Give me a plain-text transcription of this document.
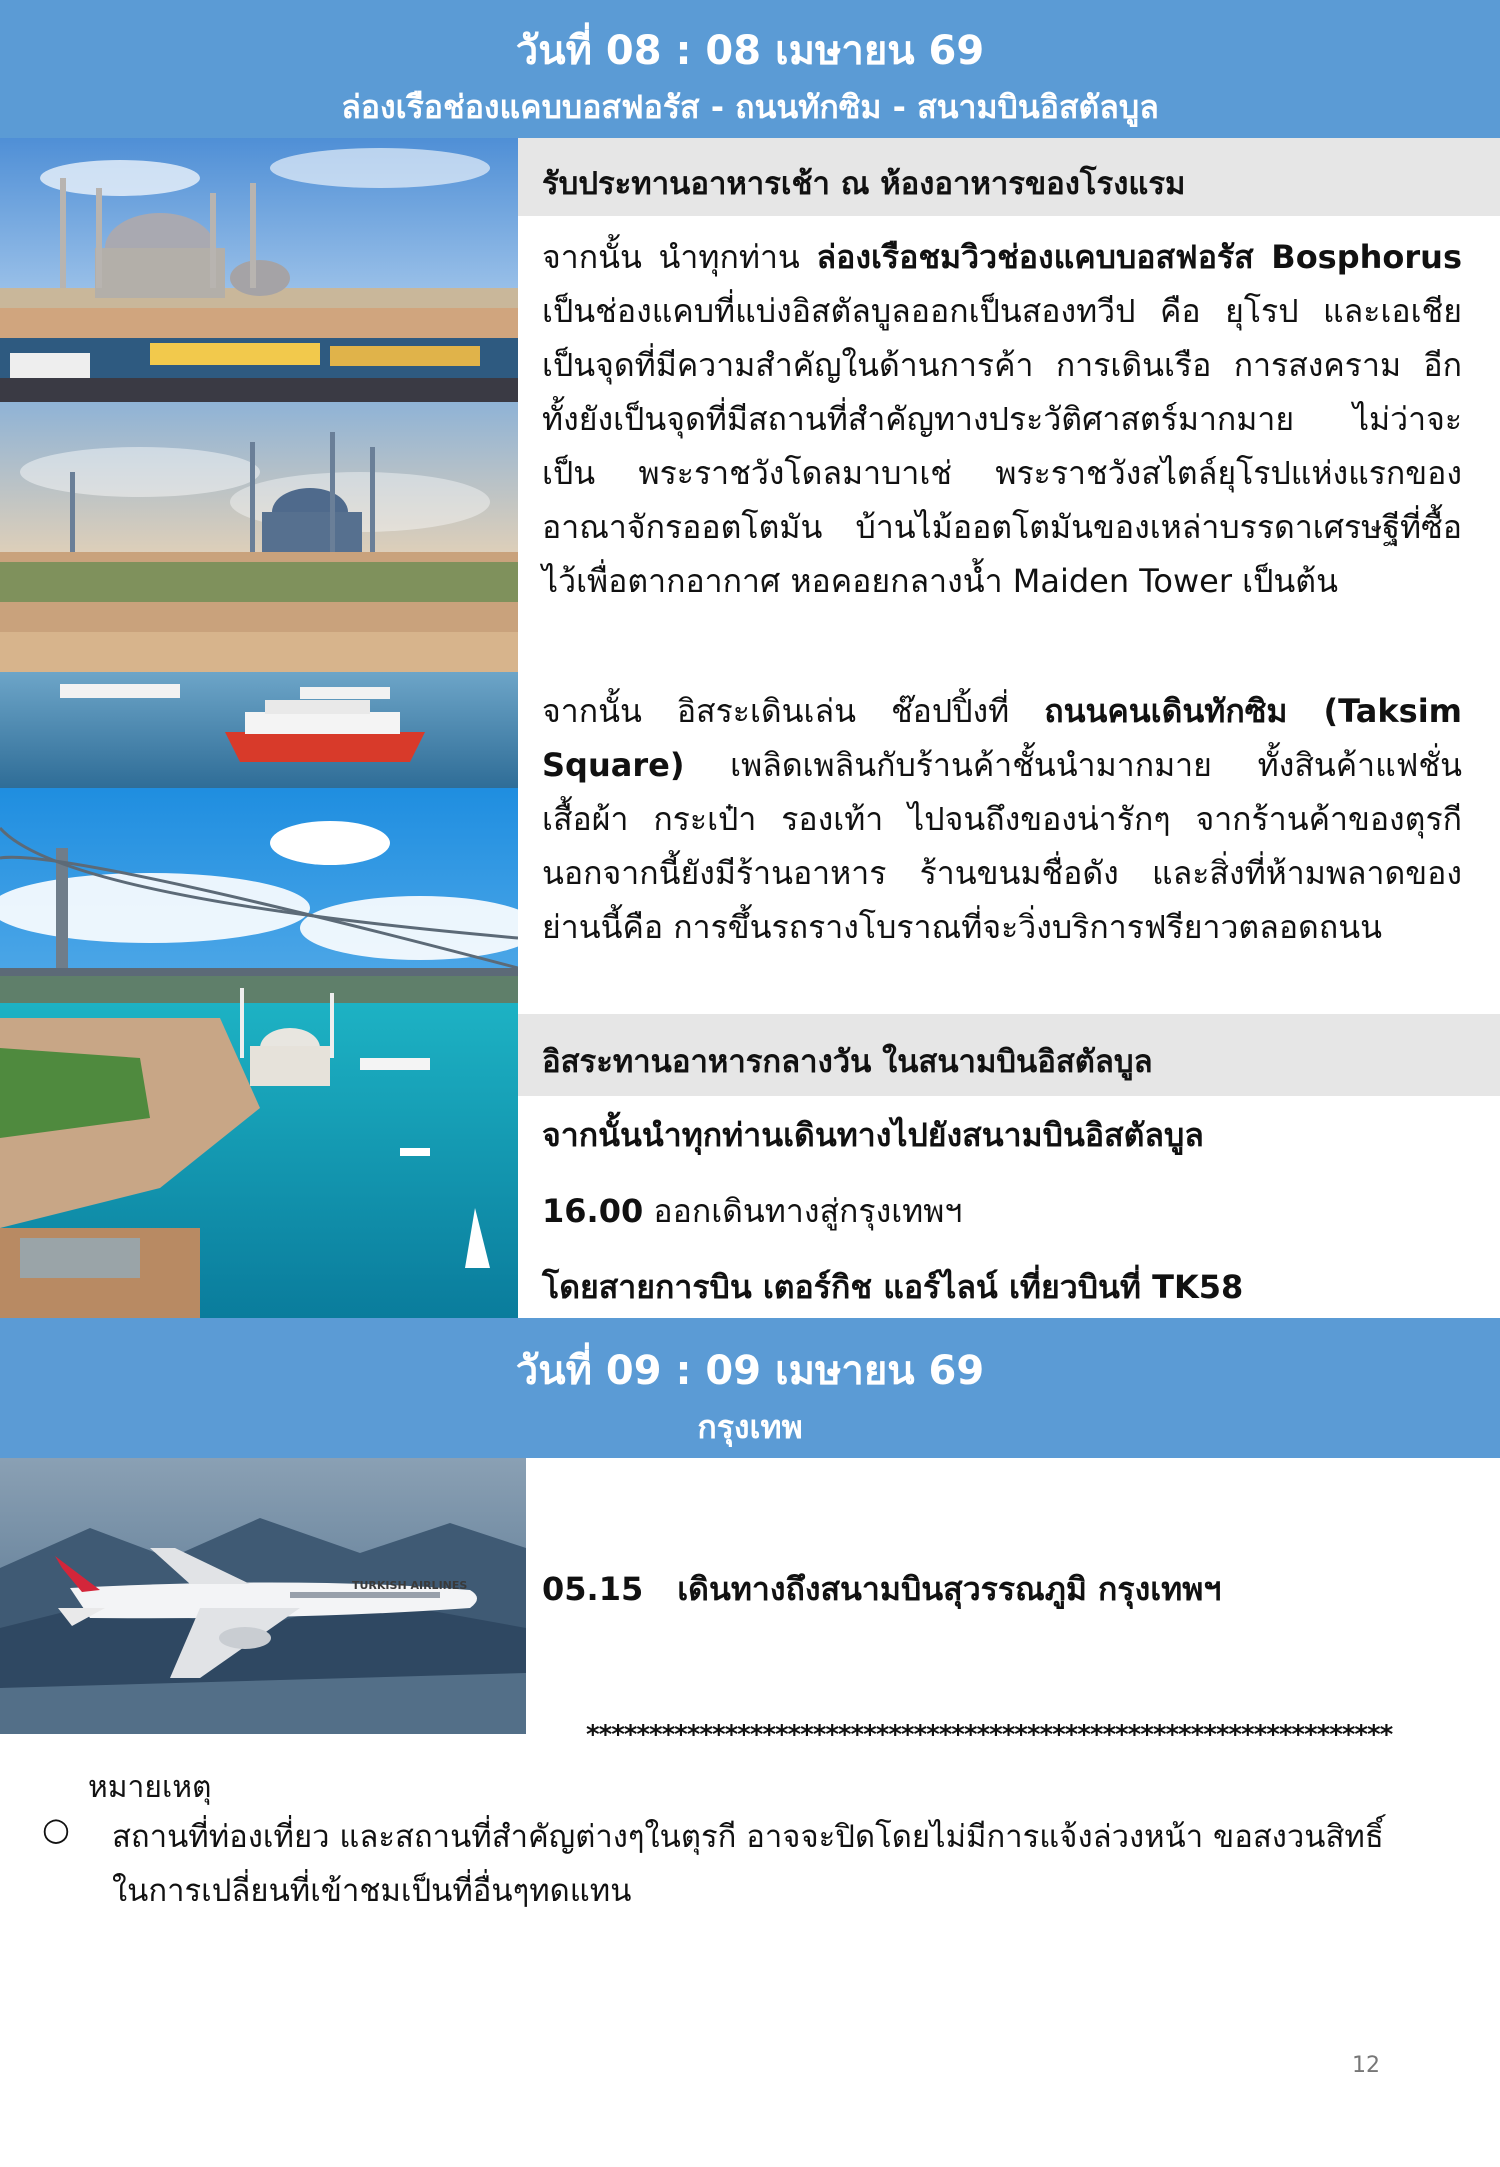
วันที่ 08 : 08 เมษายน 69
ล่องเรือช่องแคบบอสฟอรัส - ถนนทักซิม - สนามบินอิสตัลบูล
รับประทานอาหารเช้า ณ ห้องอาหารของโรงแรม
จากนั้น นำทุกท่าน ล่องเรือชมวิวช่องแคบบอสฟอรัส Bosphorus เป็นช่องแคบที่แบ่งอิสตัลบูลออกเป็นสองทวีป คือ ยุโรป และเอเชีย เป็นจุดที่มีความสำคัญในด้านการค้า การเดินเรือ การสงคราม อีกทั้งยังเป็นจุดที่มีสถานที่สำคัญทางประวัติศาสตร์มากมาย ไม่ว่าจะเป็น พระราชวังโดลมาบาเช่ พระราชวังสไตล์ยุโรปแห่งแรกของอาณาจักรออตโตมัน บ้านไม้ออตโตมันของเหล่าบรรดาเศรษฐีที่ซื้อไว้เพื่อตากอากาศ หอคอยกลางน้ำ Maiden Tower เป็นต้น
จากนั้น อิสระเดินเล่น ช๊อปปิ้งที่ ถนนคนเดินทักซิม (Taksim Square) เพลิดเพลินกับร้านค้าชั้นนำมากมาย ทั้งสินค้าแฟชั่น เสื้อผ้า กระเป๋า รองเท้า ไปจนถึงของน่ารักๆ จากร้านค้าของตุรกี นอกจากนี้ยังมีร้านอาหาร ร้านขนมชื่อดัง และสิ่งที่ห้ามพลาดของย่านนี้คือ การขึ้นรถรางโบราณที่จะวิ่งบริการฟรียาวตลอดถนน
อิสระทานอาหารกลางวัน ในสนามบินอิสตัลบูล
จากนั้นนำทุกท่านเดินทางไปยังสนามบินอิสตัลบูล
16.00 ออกเดินทางสู่กรุงเทพฯ
โดยสายการบิน เตอร์กิช แอร์ไลน์ เที่ยวบินที่ TK58
วันที่ 09 : 09 เมษายน 69
กรุงเทพ
TURKISH AIRLINES 05.15 เดินทางถึงสนามบินสุวรรณภูมิ กรุงเทพฯ
****************************************************************
หมายเหตุ
○ สถานที่ท่องเที่ยว และสถานที่สำคัญต่างๆในตุรกี อาจจะปิดโดยไม่มีการแจ้งล่วงหน้า ขอสงวนสิทธิ์ในการเปลี่ยนที่เข้าชมเป็นที่อื่นๆทดแทน
12
